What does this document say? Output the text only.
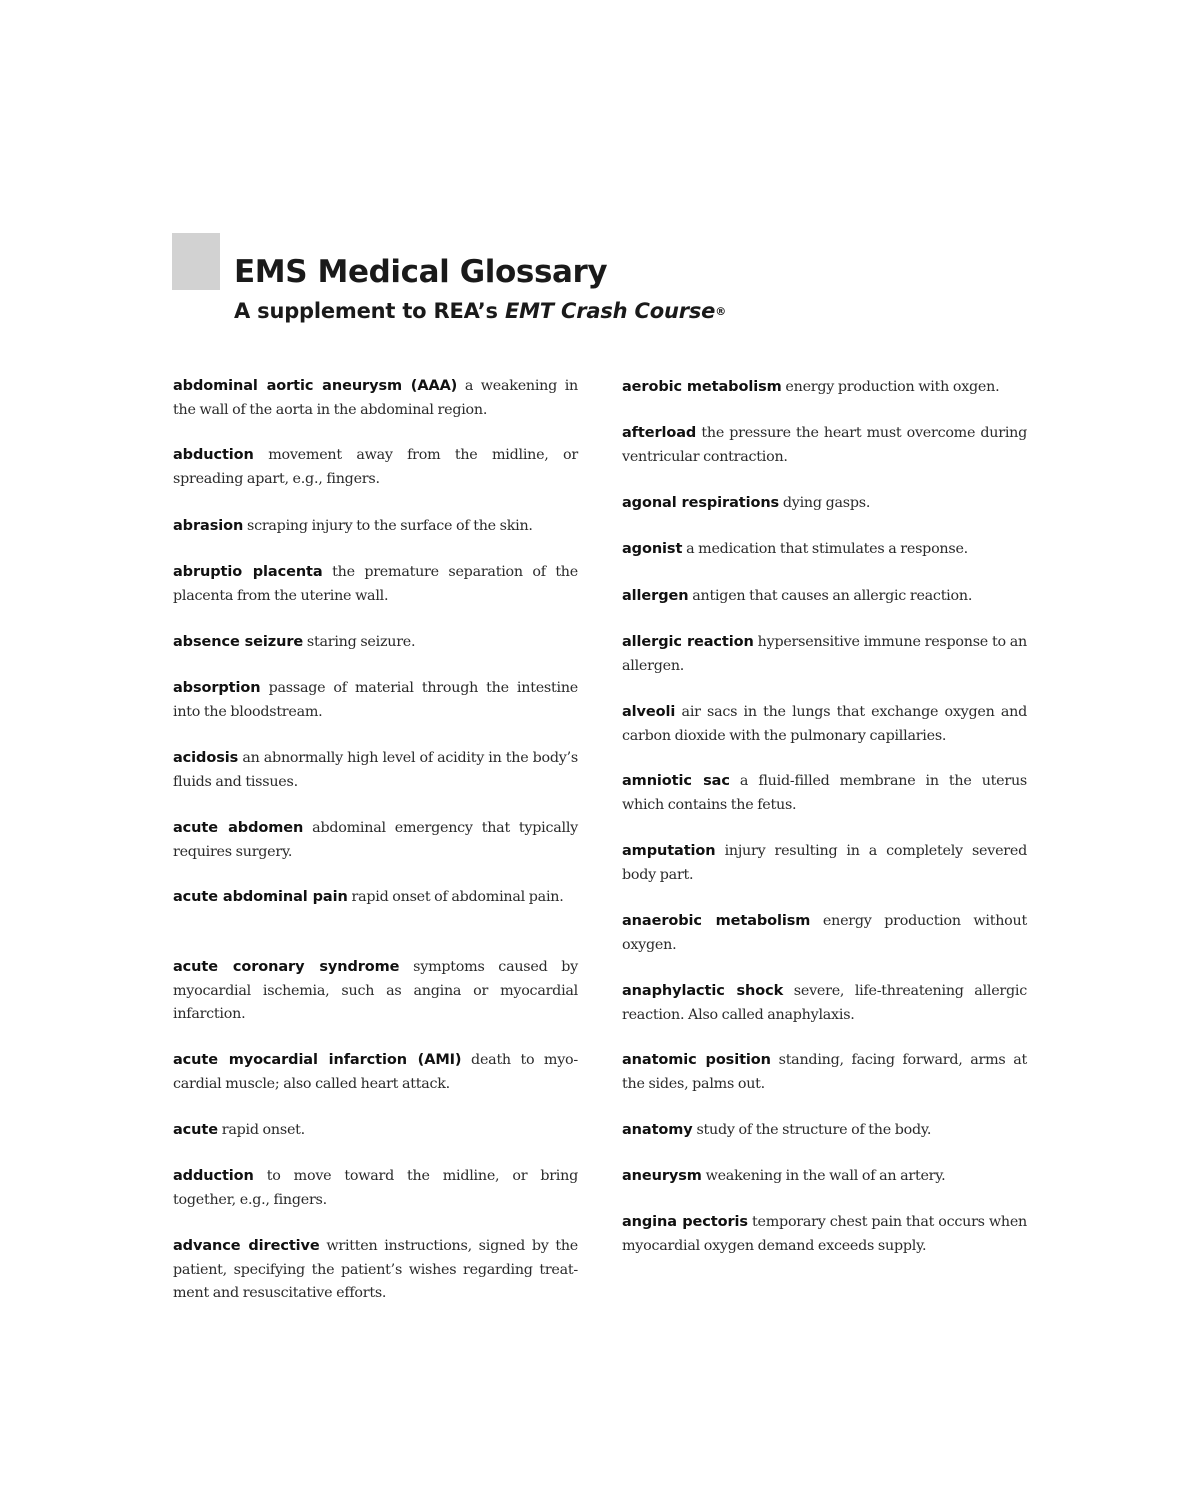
EMS Medical Glossary
A supplement to REA’s EMT Crash Course®

abdominal aortic aneurysm (AAA) a weakening in the wall of the aorta in the abdominal region.

abduction movement away from the midline, or spreading apart, e.g., fingers.

abrasion scraping injury to the surface of the skin.

abruptio placenta the premature separation of the placenta from the uterine wall.

absence seizure staring seizure.

absorption passage of material through the intestine into the bloodstream.

acidosis an abnormally high level of acidity in the body’s fluids and tissues.

acute abdomen abdominal emergency that typically requires surgery.

acute abdominal pain rapid onset of abdominal pain.

acute coronary syndrome symptoms caused by myocardial ischemia, such as angina or myocardial infarction.

acute myocardial infarction (AMI) death to myo-cardial muscle; also called heart attack.

acute rapid onset.

adduction to move toward the midline, or bring together, e.g., fingers.

advance directive written instructions, signed by the patient, specifying the patient’s wishes regarding treat-ment and resuscitative efforts.

aerobic metabolism energy production with oxgen.

afterload the pressure the heart must overcome during ventricular contraction.

agonal respirations dying gasps.

agonist a medication that stimulates a response.

allergen antigen that causes an allergic reaction.

allergic reaction hypersensitive immune response to an allergen.

alveoli air sacs in the lungs that exchange oxygen and carbon dioxide with the pulmonary capillaries.

amniotic sac a fluid-filled membrane in the uterus which contains the fetus.

amputation injury resulting in a completely severed body part.

anaerobic metabolism energy production without oxygen.

anaphylactic shock severe, life-threatening allergic reaction. Also called anaphylaxis.

anatomic position standing, facing forward, arms at the sides, palms out.

anatomy study of the structure of the body.

aneurysm weakening in the wall of an artery.

angina pectoris temporary chest pain that occurs when myocardial oxygen demand exceeds supply.
